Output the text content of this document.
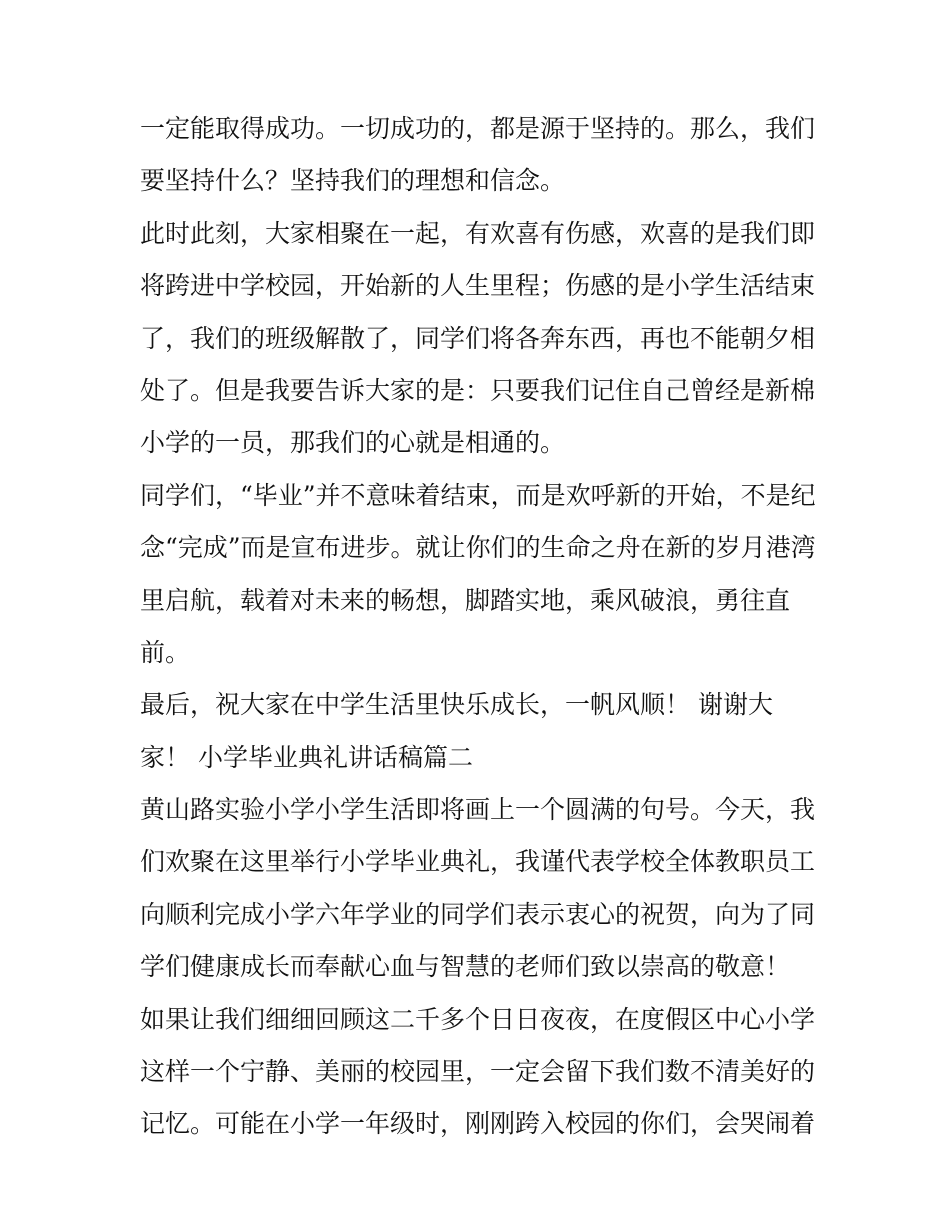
一定能取得成功。一切成功的，都是源于坚持的。那么，我们
要坚持什么？坚持我们的理想和信念。
此时此刻，大家相聚在一起，有欢喜有伤感，欢喜的是我们即
将跨进中学校园，开始新的人生里程；伤感的是小学生活结束
了，我们的班级解散了，同学们将各奔东西，再也不能朝夕相
处了。但是我要告诉大家的是：只要我们记住自己曾经是新棉
小学的一员，那我们的心就是相通的。
同学们，“毕业”并不意味着结束，而是欢呼新的开始，不是纪
念“完成”而是宣布进步。就让你们的生命之舟在新的岁月港湾
里启航，载着对未来的畅想，脚踏实地，乘风破浪，勇往直
前。
最后，祝大家在中学生活里快乐成长，一帆风顺！ 谢谢大
家！ 小学毕业典礼讲话稿篇二
黄山路实验小学小学生活即将画上一个圆满的句号。今天，我
们欢聚在这里举行小学毕业典礼，我谨代表学校全体教职员工
向顺利完成小学六年学业的同学们表示衷心的祝贺，向为了同
学们健康成长而奉献心血与智慧的老师们致以崇高的敬意！
如果让我们细细回顾这二千多个日日夜夜，在度假区中心小学
这样一个宁静、美丽的校园里，一定会留下我们数不清美好的
记忆。可能在小学一年级时，刚刚跨入校园的你们，会哭闹着
